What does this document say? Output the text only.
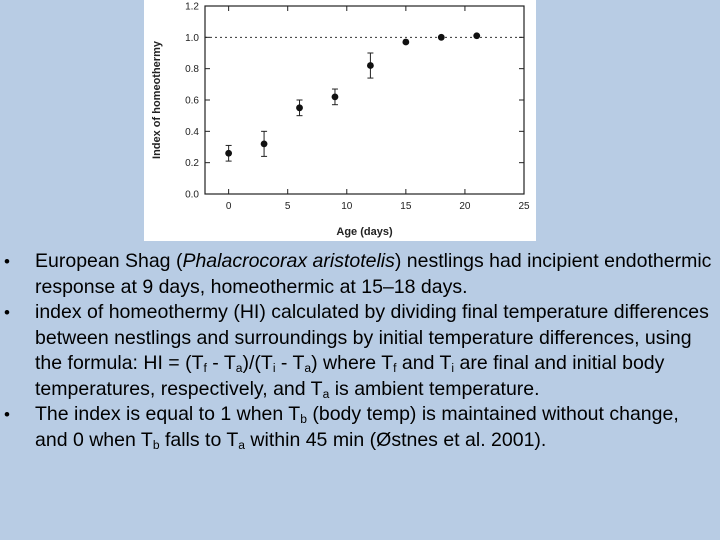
0.0
0.2
0.4
0.6
0.8
1.0
1.2
0	5	10	15	20	25
Age (days)
Index of homeothermy
• European Shag (Phalacrocorax aristotelis) nestlings had incipient endothermic response at 9 days, homeothermic at 15–18 days.
• index of homeothermy (HI) calculated by dividing final temperature differences between nestlings and surroundings by initial temperature differences, using the formula: HI = $(T_f - T_a)/(T_i - T_a)$ where $T_f$ and $T_i$ are final and initial body temperatures, respectively, and $T_a$ is ambient temperature.
• The index is equal to 1 when $T_b$ (body temp) is maintained without change, and 0 when $T_b$ falls to $T_a$ within 45 min (Østnes et al. 2001).
